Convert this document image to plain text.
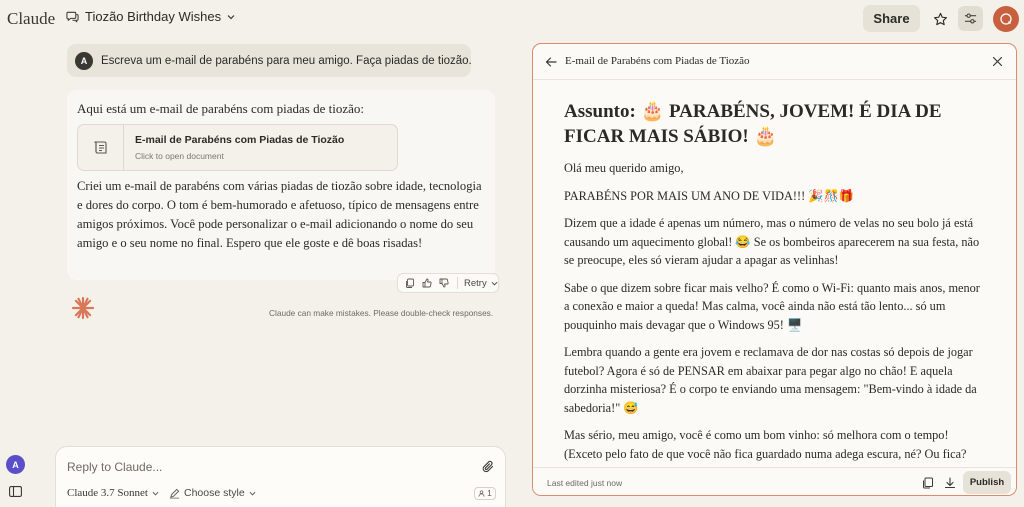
Claude Tiozão Birthday Wishes	Share
A	Escreva um e-mail de parabéns para meu amigo. Faça piadas de tiozão.
Aqui está um e-mail de parabéns com piadas de tiozão:
E-mail de Parabéns com Piadas de Tiozão
Click to open document
Criei um e-mail de parabéns com várias piadas de tiozão sobre idade, tecnologia e dores do corpo. O tom é bem-humorado e afetuoso, típico de mensagens entre amigos próximos. Você pode personalizar o e-mail adicionando o nome do seu amigo e o seu nome no final. Espero que ele goste e dê boas risadas!
Retry
Claude can make mistakes. Please double-check responses.
A
Reply to Claude...
Claude 3.7 Sonnet	Choose style	1
E-mail de Parabéns com Piadas de Tiozão
Assunto: 🎂 PARABÉNS, JOVEM! É DIA DE FICAR MAIS SÁBIO! 🎂

Olá meu querido amigo,

PARABÉNS POR MAIS UM ANO DE VIDA!!! 🎉🎊🎁

Dizem que a idade é apenas um número, mas o número de velas no seu bolo já está causando um aquecimento global! 😂 Se os bombeiros aparecerem na sua festa, não se preocupe, eles só vieram ajudar a apagar as velinhas!

Sabe o que dizem sobre ficar mais velho? É como o Wi-Fi: quanto mais anos, menor a conexão e maior a queda! Mas calma, você ainda não está tão lento... só um pouquinho mais devagar que o Windows 95! 🖥️

Lembra quando a gente era jovem e reclamava de dor nas costas só depois de jogar futebol? Agora é só de PENSAR em abaixar para pegar algo no chão! E aquela dorzinha misteriosa? É o corpo te enviando uma mensagem: "Bem-vindo à idade da sabedoria!" 😅

Mas sério, meu amigo, você é como um bom vinho: só melhora com o tempo! (Exceto pelo fato de que você não fica guardado numa adega escura, né? Ou fica?

Last edited just now	Publish
